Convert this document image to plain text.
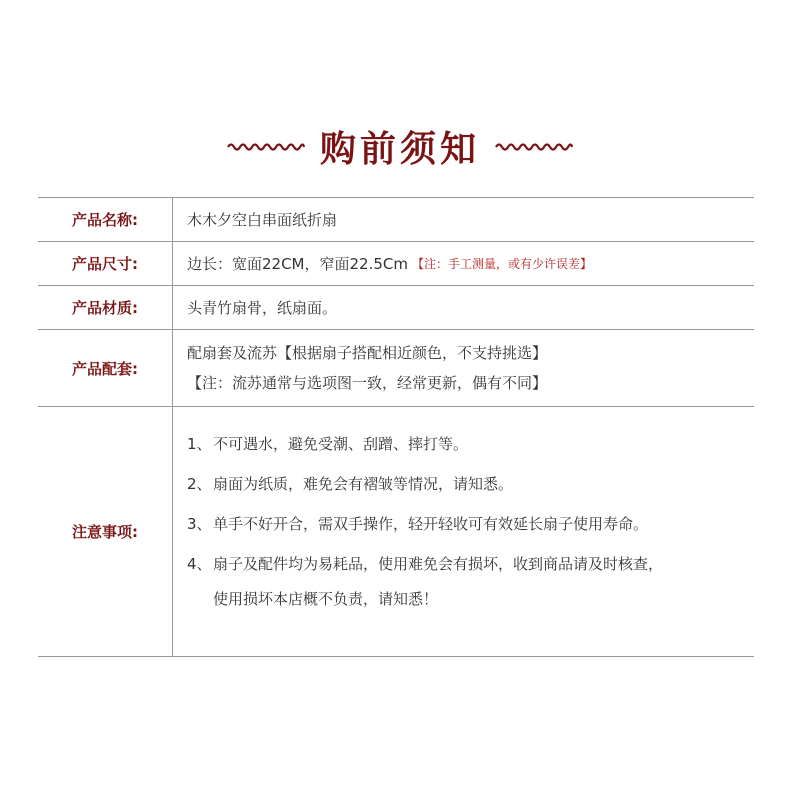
购前须知
产品名称:	木木夕空白串面纸折扇
产品尺寸:	边长：宽面22CM，窄面22.5Cm 【注：手工测量，或有少许误差】
产品材质:	头青竹扇骨，纸扇面。
产品配套:
配扇套及流苏【根据扇子搭配相近颜色，不支持挑选】
【注：流苏通常与选项图一致，经常更新，偶有不同】
注意事项:
1、 不可遇水，避免受潮、刮蹭、摔打等。
2、 扇面为纸质，难免会有褶皱等情况，请知悉。
3、 单手不好开合，需双手操作，轻开轻收可有效延长扇子使用寿命。
4、 扇子及配件均为易耗品，使用难免会有损坏，收到商品请及时核查，
使用损坏本店概不负责，请知悉！
